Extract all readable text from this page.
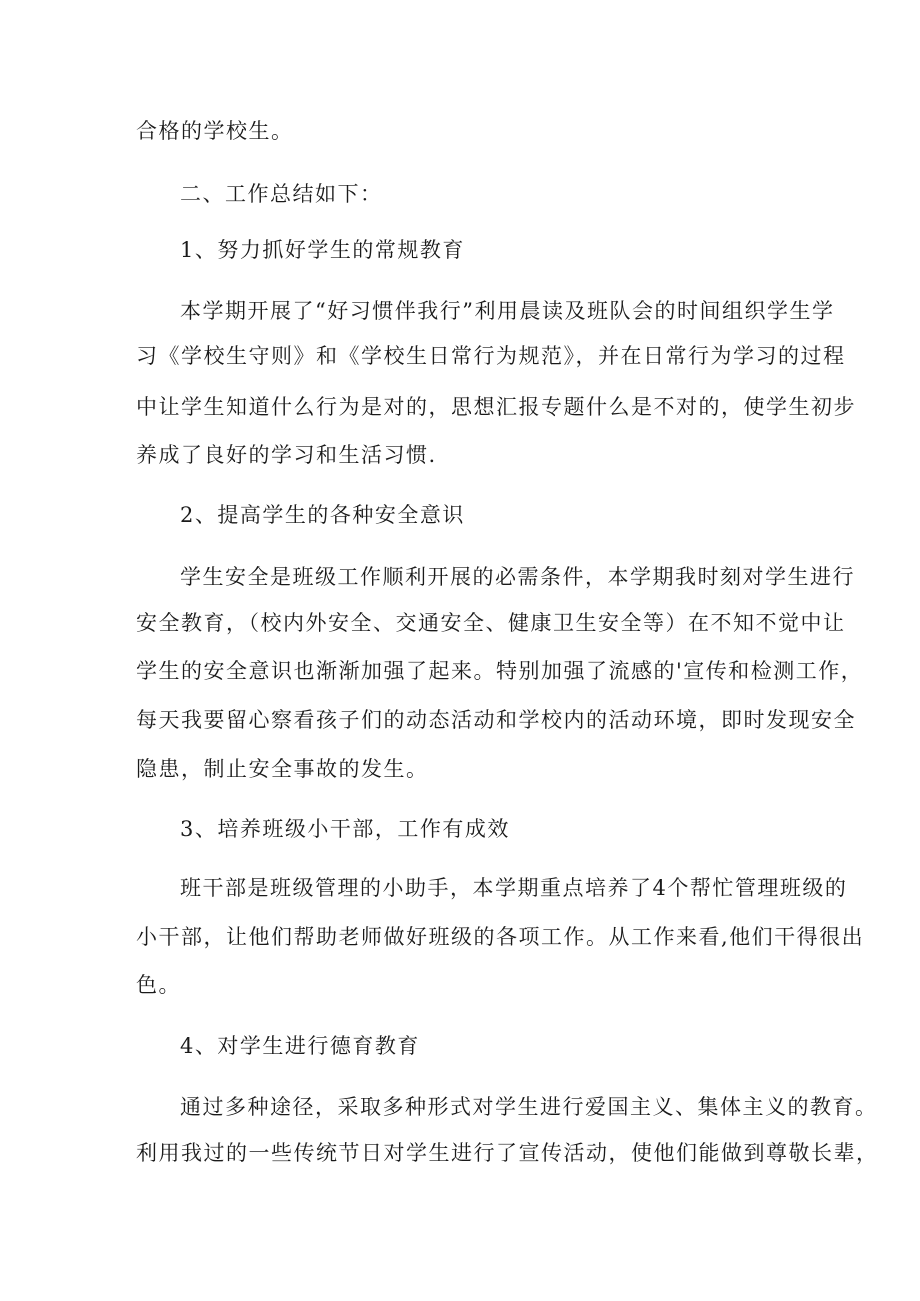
合格的学校生。
二、工作总结如下：
1、努力抓好学生的常规教育
本学期开展了“好习惯伴我行”利用晨读及班队会的时间组织学生学
习《学校生守则》和《学校生日常行为规范》，并在日常行为学习的过程
中让学生知道什么行为是对的，思想汇报专题什么是不对的，使学生初步
养成了良好的学习和生活习惯.
2、提高学生的各种安全意识
学生安全是班级工作顺利开展的必需条件，本学期我时刻对学生进行
安全教育，（校内外安全、交通安全、健康卫生安全等）在不知不觉中让
学生的安全意识也渐渐加强了起来。特别加强了流感的'宣传和检测工作，
每天我要留心察看孩子们的动态活动和学校内的活动环境，即时发现安全
隐患，制止安全事故的发生。
3、培养班级小干部，工作有成效
班干部是班级管理的小助手，本学期重点培养了4个帮忙管理班级的
小干部，让他们帮助老师做好班级的各项工作。从工作来看,他们干得很出
色。
4、对学生进行德育教育
通过多种途径，采取多种形式对学生进行爱国主义、集体主义的教育。
利用我过的一些传统节日对学生进行了宣传活动，使他们能做到尊敬长辈，
